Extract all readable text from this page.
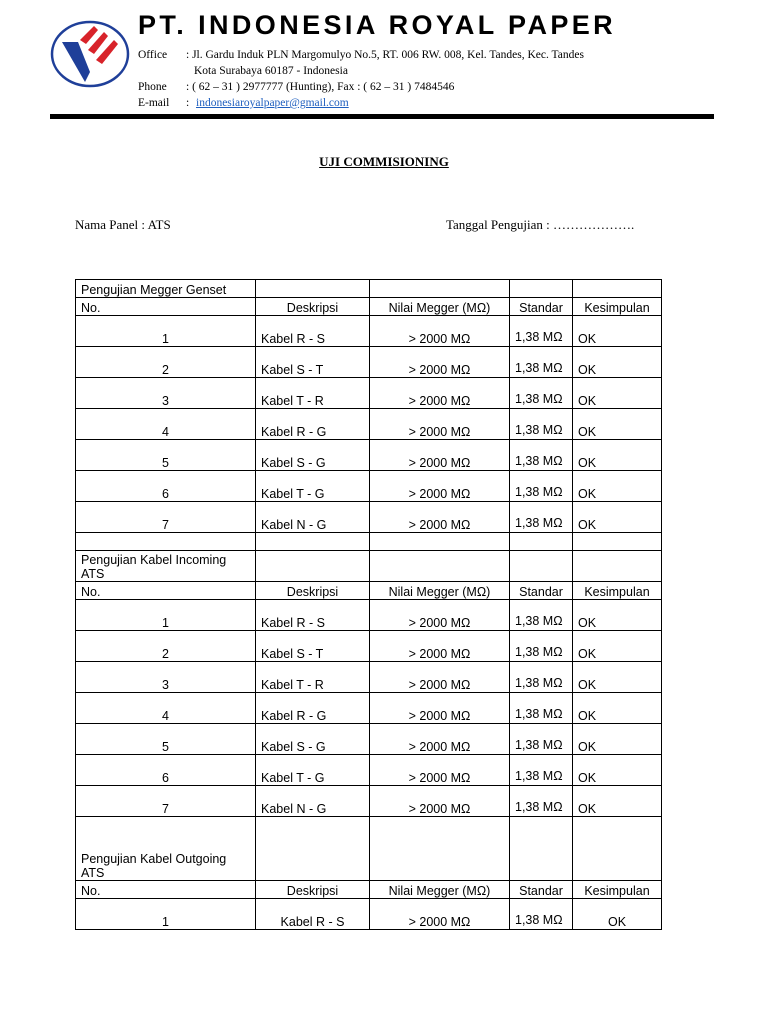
PT. INDONESIA ROYAL PAPER
Office	: Jl. Gardu Induk PLN Margomulyo No.5, RT. 006 RW. 008, Kel. Tandes, Kec. Tandes
Kota Surabaya 60187 - Indonesia
Phone	: ( 62 – 31 ) 2977777 (Hunting), Fax : ( 62 – 31 ) 7484546
E-mail	: indonesiaroyalpaper@gmail.com
UJI COMMISIONING
Nama Panel : ATS	Tanggal Pengujian : ……………….
Pengujian Megger Genset				
No.	Deskripsi	Nilai Megger (MΩ)	Standar	Kesimpulan
1	Kabel R - S	> 2000 MΩ	1,38 MΩ	OK
2	Kabel S - T	> 2000 MΩ	1,38 MΩ	OK
3	Kabel T - R	> 2000 MΩ	1,38 MΩ	OK
4	Kabel R - G	> 2000 MΩ	1,38 MΩ	OK
5	Kabel S - G	> 2000 MΩ	1,38 MΩ	OK
6	Kabel T - G	> 2000 MΩ	1,38 MΩ	OK
7	Kabel N - G	> 2000 MΩ	1,38 MΩ	OK

Pengujian Kabel Incoming ATS				
No.	Deskripsi	Nilai Megger (MΩ)	Standar	Kesimpulan
1	Kabel R - S	> 2000 MΩ	1,38 MΩ	OK
2	Kabel S - T	> 2000 MΩ	1,38 MΩ	OK
3	Kabel T - R	> 2000 MΩ	1,38 MΩ	OK
4	Kabel R - G	> 2000 MΩ	1,38 MΩ	OK
5	Kabel S - G	> 2000 MΩ	1,38 MΩ	OK
6	Kabel T - G	> 2000 MΩ	1,38 MΩ	OK
7	Kabel N - G	> 2000 MΩ	1,38 MΩ	OK
Pengujian Kabel Outgoing ATS				
No.	Deskripsi	Nilai Megger (MΩ)	Standar	Kesimpulan
1	Kabel R - S	> 2000 MΩ	1,38 MΩ	OK
